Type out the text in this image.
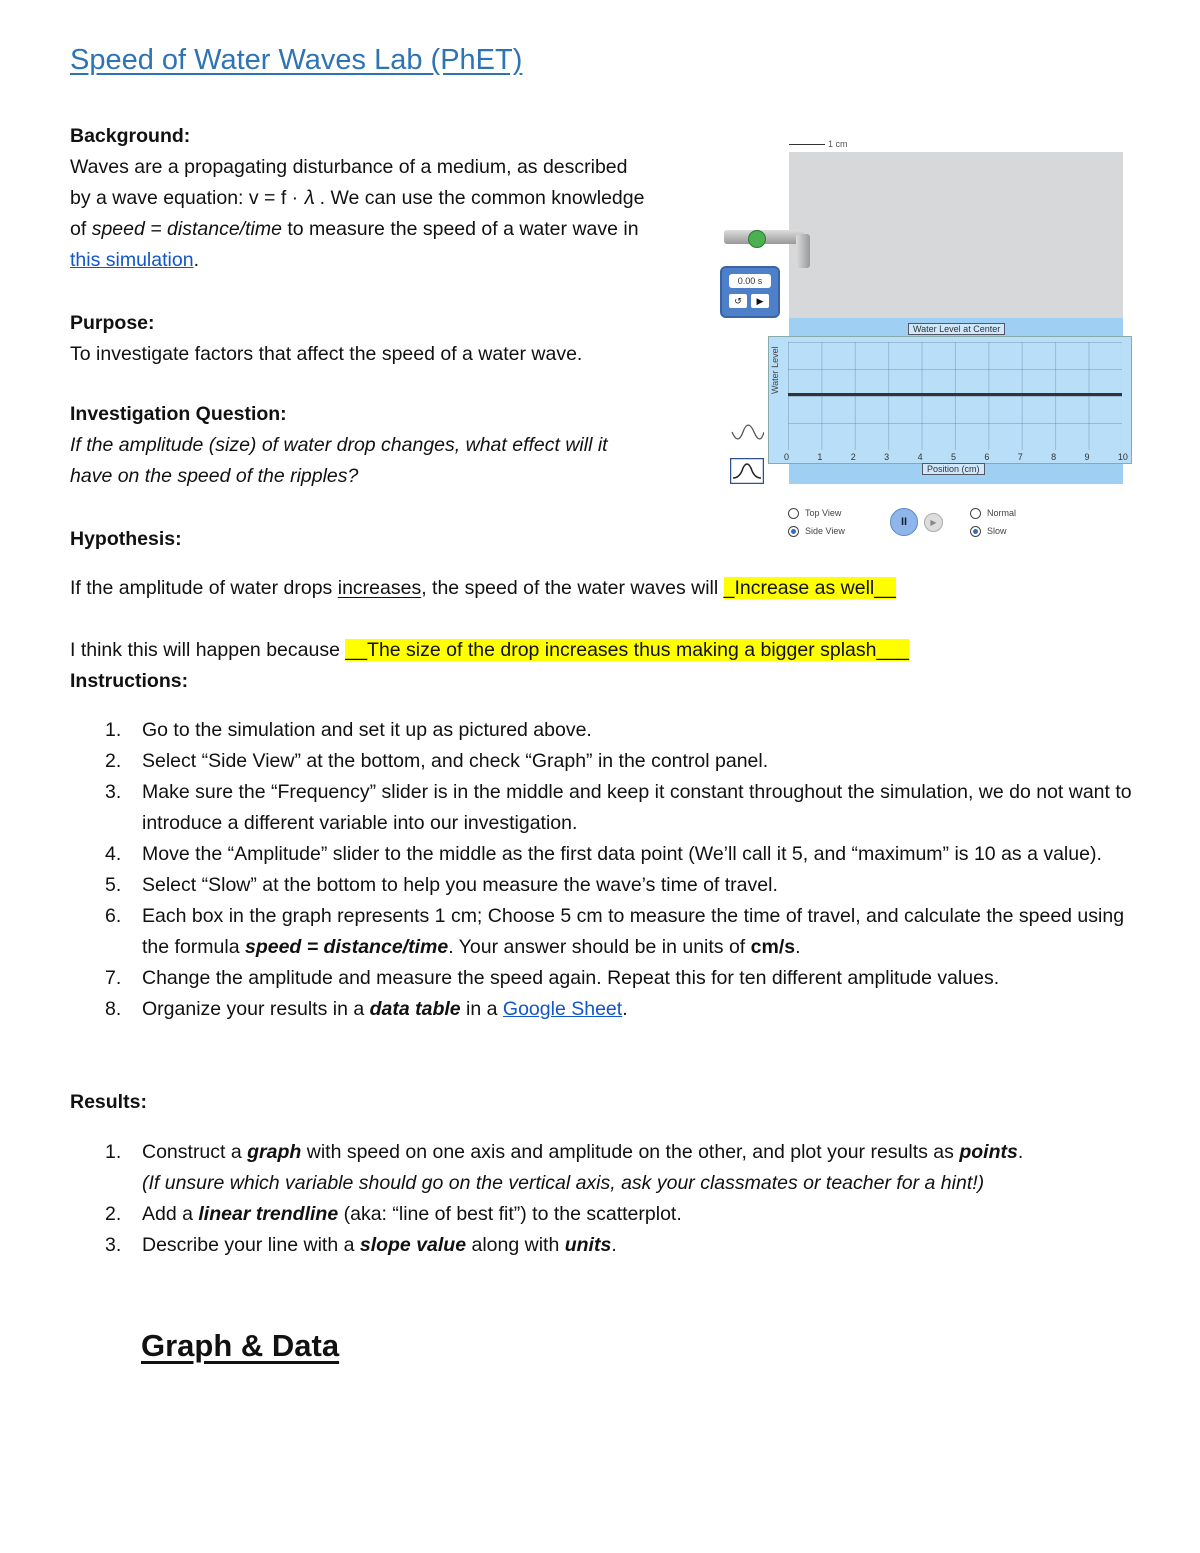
Speed of Water Waves Lab (PhET)

Background:

Waves are a propagating disturbance of a medium, as described

by a wave equation: v = f · 𝜆 . We can use the common knowledge

of speed = distance/time to measure the speed of a water wave in

this simulation.

Purpose:

To investigate factors that affect the speed of a water wave.

Investigation Question:

If the amplitude (size) of water drop changes, what effect will it

have on the speed of the ripples?

Hypothesis:

If the amplitude of water drops increases, the speed of the water waves will _Increase as well__

I think this will happen because __The size of the drop increases thus making a bigger splash___

Instructions:

1. Go to the simulation and set it up as pictured above.
2. Select “Side View” at the bottom, and check “Graph” in the control panel.
3. Make sure the “Frequency” slider is in the middle and keep it constant throughout the simulation, we do not want to introduce a different variable into our investigation.
4. Move the “Amplitude” slider to the middle as the first data point (We’ll call it 5, and “maximum” is 10 as a value).
5. Select “Slow” at the bottom to help you measure the wave’s time of travel.
6. Each box in the graph represents 1 cm; Choose 5 cm to measure the time of travel, and calculate the speed using the formula speed = distance/time. Your answer should be in units of cm/s.
7. Change the amplitude and measure the speed again. Repeat this for ten different amplitude values.
8. Organize your results in a data table in a Google Sheet.

Results:

1. Construct a graph with speed on one axis and amplitude on the other, and plot your results as points.
(If unsure which variable should go on the vertical axis, ask your classmates or teacher for a hint!)
2. Add a linear trendline (aka: “line of best fit”) to the scatterplot.
3. Describe your line with a slope value along with units.
Graph & Data
1 cm
Water Level at Center
Water Level
0	1	2	3	4	5	6	7	8	9	10
Position (cm)
0.00 s
↺	▶
Top View
Side View
II	▶
Normal
Slow
